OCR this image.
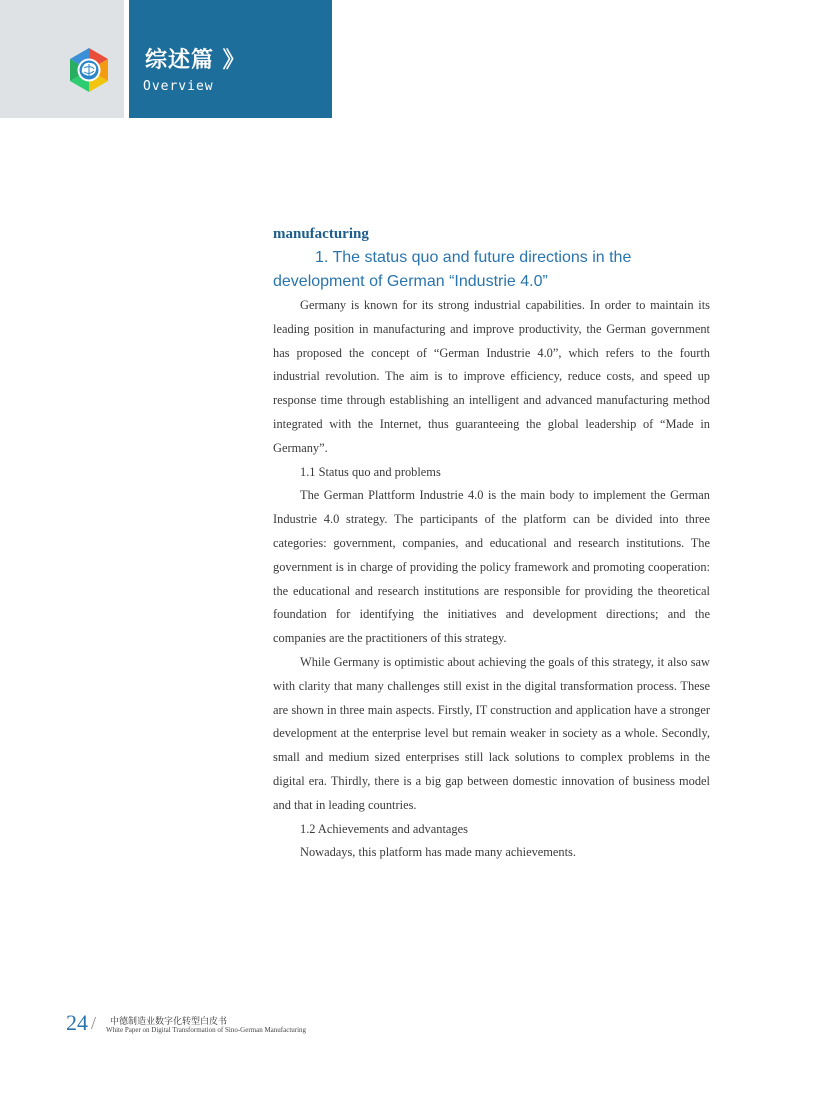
综述篇 》
Overview
manufacturing
1. The status quo and future directions in the development of German “Industrie 4.0”

Germany is known for its strong industrial capabilities. In order to maintain its leading position in manufacturing and improve productivity, the German government has proposed the concept of “German Industrie 4.0”, which refers to the fourth industrial revolution. The aim is to improve efficiency, reduce costs, and speed up response time through establishing an intelligent and advanced manufacturing method integrated with the Internet, thus guaranteeing the global leadership of “Made in Germany”.

1.1 Status quo and problems

The German Plattform Industrie 4.0 is the main body to implement the German Industrie 4.0 strategy. The participants of the platform can be divided into three categories: government, companies, and educational and research institutions. The government is in charge of providing the policy framework and promoting cooperation: the educational and research institutions are responsible for providing the theoretical foundation for identifying the initiatives and development directions; and the companies are the practitioners of this strategy.

While Germany is optimistic about achieving the goals of this strategy, it also saw with clarity that many challenges still exist in the digital transformation process. These are shown in three main aspects. Firstly, IT construction and application have a stronger development at the enterprise level but remain weaker in society as a whole. Secondly, small and medium sized enterprises still lack solutions to complex problems in the digital era. Thirdly, there is a big gap between domestic innovation of business model and that in leading countries.

1.2 Achievements and advantages

Nowadays, this platform has made many achievements.

24 / 中德制造业数字化转型白皮书
White Paper on Digital Transformation of Sino-German Manufacturing
